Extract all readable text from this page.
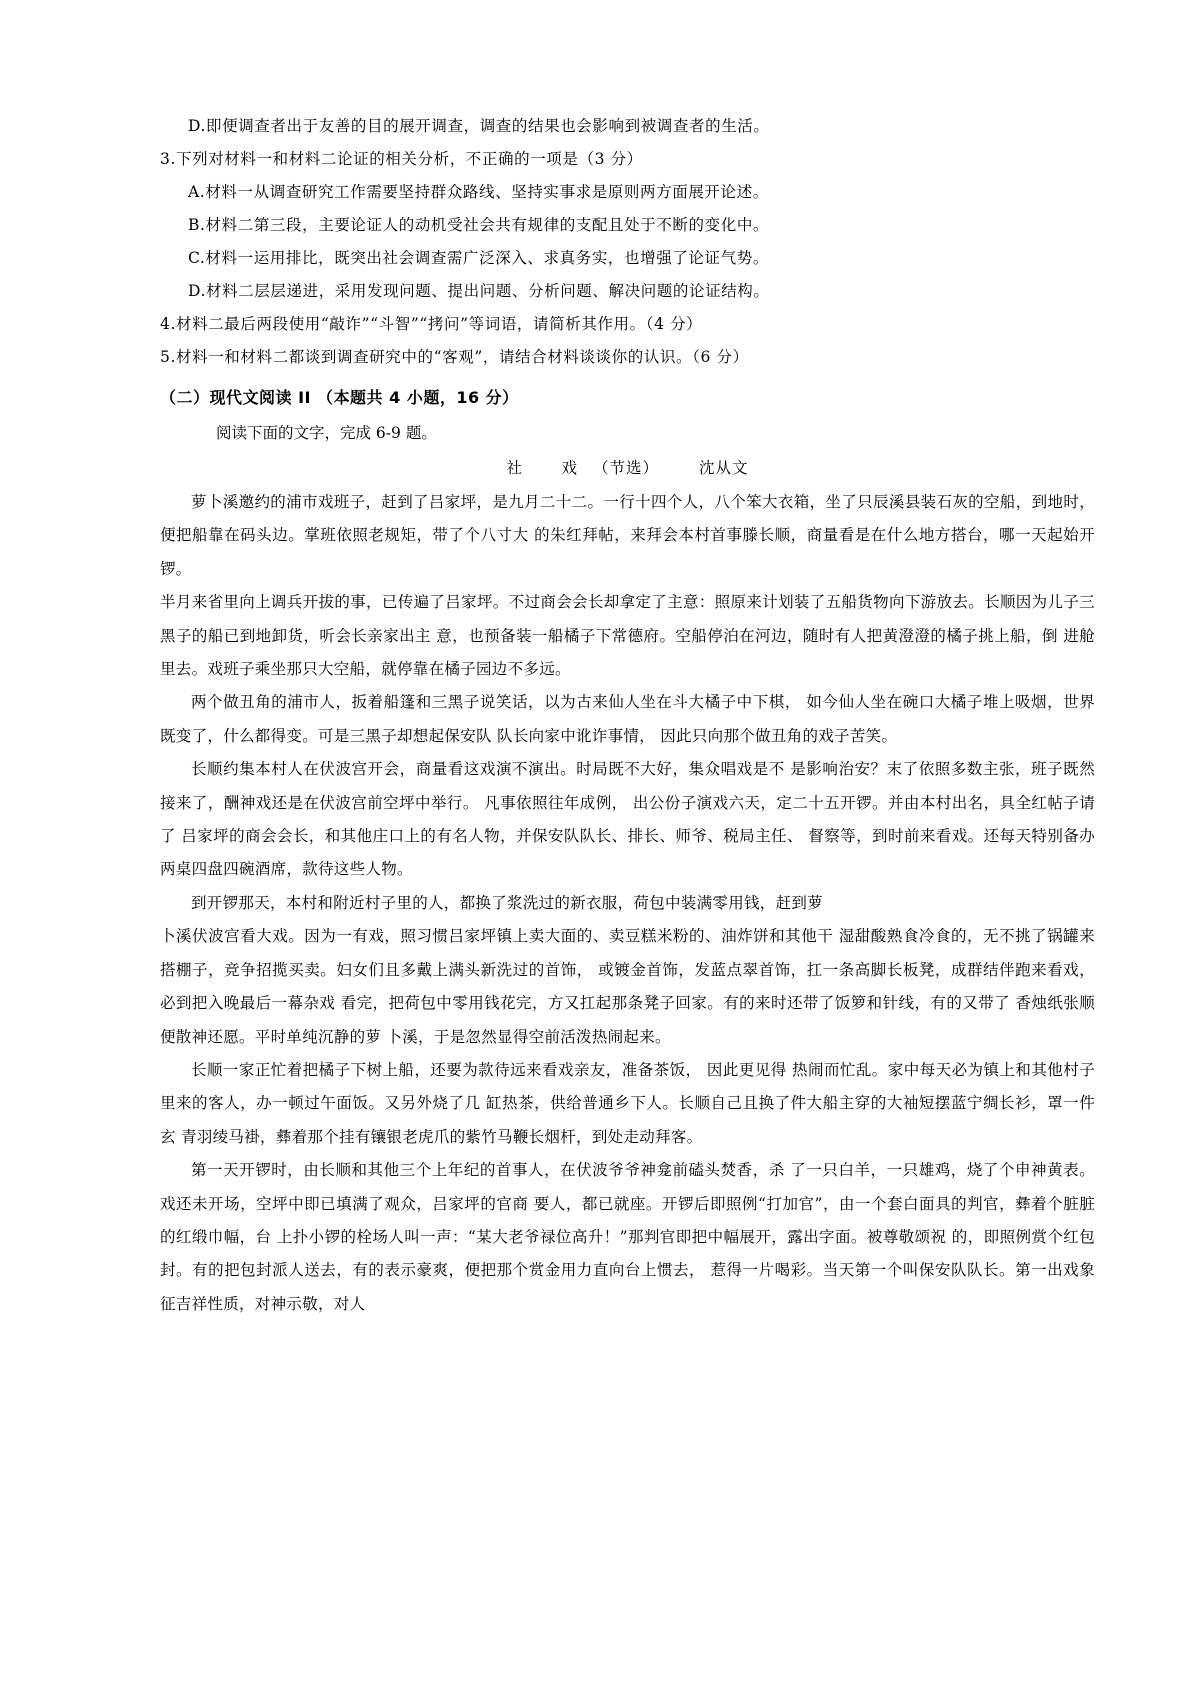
D.即便调查者出于友善的目的展开调查，调查的结果也会影响到被调查者的生活。
3.下列对材料一和材料二论证的相关分析，不正确的一项是（3 分）
A.材料一从调查研究工作需要坚持群众路线、坚持实事求是原则两方面展开论述。
B.材料二第三段，主要论证人的动机受社会共有规律的支配且处于不断的变化中。
C.材料一运用排比，既突出社会调查需广泛深入、求真务实，也增强了论证气势。
D.材料二层层递进，采用发现问题、提出问题、分析问题、解决问题的论证结构。
4.材料二最后两段使用“敲诈”“斗智”“拷问”等词语，请简析其作用。（4 分）
5.材料一和材料二都谈到调查研究中的“客观”，请结合材料谈谈你的认识。（6 分）
（二）现代文阅读 II （本题共 4 小题，16 分）
阅读下面的文字，完成 6-9 题。
社　戏 （节选）	沈从文

萝卜溪邀约的浦市戏班子，赶到了吕家坪，是九月二十二。一行十四个人，八个笨大衣箱，坐了只辰溪县装石灰的空船，到地时，便把船靠在码头边。掌班依照老规矩，带了个八寸大 的朱红拜帖，来拜会本村首事滕长顺，商量看是在什么地方搭台，哪一天起始开锣。

半月来省里向上调兵开拔的事，已传遍了吕家坪。不过商会会长却拿定了主意：照原来计划装了五船货物向下游放去。长顺因为儿子三黑子的船已到地卸货，听会长亲家出主 意，也预备装一船橘子下常德府。空船停泊在河边，随时有人把黄澄澄的橘子挑上船，倒 进舱里去。戏班子乘坐那只大空船，就停靠在橘子园边不多远。

两个做丑角的浦市人，扳着船篷和三黑子说笑话，以为古来仙人坐在斗大橘子中下棋， 如今仙人坐在碗口大橘子堆上吸烟，世界既变了，什么都得变。可是三黑子却想起保安队 队长向家中讹诈事情， 因此只向那个做丑角的戏子苦笑。

长顺约集本村人在伏波宫开会，商量看这戏演不演出。时局既不大好，集众唱戏是不 是影响治安？末了依照多数主张，班子既然接来了，酬神戏还是在伏波宫前空坪中举行。 凡事依照往年成例， 出公份子演戏六天，定二十五开锣。并由本村出名，具全红帖子请了 吕家坪的商会会长，和其他庄口上的有名人物，并保安队队长、排长、师爷、税局主任、 督察等，到时前来看戏。还每天特别备办两桌四盘四碗酒席，款待这些人物。

到开锣那天，本村和附近村子里的人，都换了浆洗过的新衣服，荷包中装满零用钱，赶到萝

卜溪伏波宫看大戏。因为一有戏，照习惯吕家坪镇上卖大面的、卖豆糕米粉的、油炸饼和其他干 湿甜酸熟食冷食的，无不挑了锅罐来搭棚子，竞争招揽买卖。妇女们且多戴上满头新洗过的首饰， 或镀金首饰，发蓝点翠首饰，扛一条高脚长板凳，成群结伴跑来看戏，必到把入晚最后一幕杂戏 看完，把荷包中零用钱花完，方又扛起那条凳子回家。有的来时还带了饭箩和针线，有的又带了 香烛纸张顺便散神还愿。平时单纯沉静的萝 卜溪，于是忽然显得空前活泼热闹起来。

长顺一家正忙着把橘子下树上船，还要为款待远来看戏亲友，准备茶饭， 因此更见得 热闹而忙乱。家中每天必为镇上和其他村子里来的客人，办一顿过午面饭。又另外烧了几 缸热茶，供给普通乡下人。长顺自己且换了件大船主穿的大袖短摆蓝宁绸长衫，罩一件玄 青羽绫马褂，彝着那个挂有镶银老虎爪的紫竹马鞭长烟杆，到处走动拜客。

第一天开锣时，由长顺和其他三个上年纪的首事人，在伏波爷爷神龛前磕头焚香，杀 了一只白羊，一只雄鸡，烧了个申神黄表。戏还未开场，空坪中即已填满了观众，吕家坪的官商 要人，都已就座。开锣后即照例“打加官”，由一个套白面具的判官，彝着个脏脏的红缎巾幅，台 上扑小锣的栓场人叫一声：“某大老爷禄位高升！”那判官即把中幅展开，露出字面。被尊敬颂祝 的，即照例赏个红包封。有的把包封派人送去，有的表示豪爽，便把那个赏金用力直向台上惯去， 惹得一片喝彩。当天第一个叫保安队队长。第一出戏象征吉祥性质，对神示敬，对人
